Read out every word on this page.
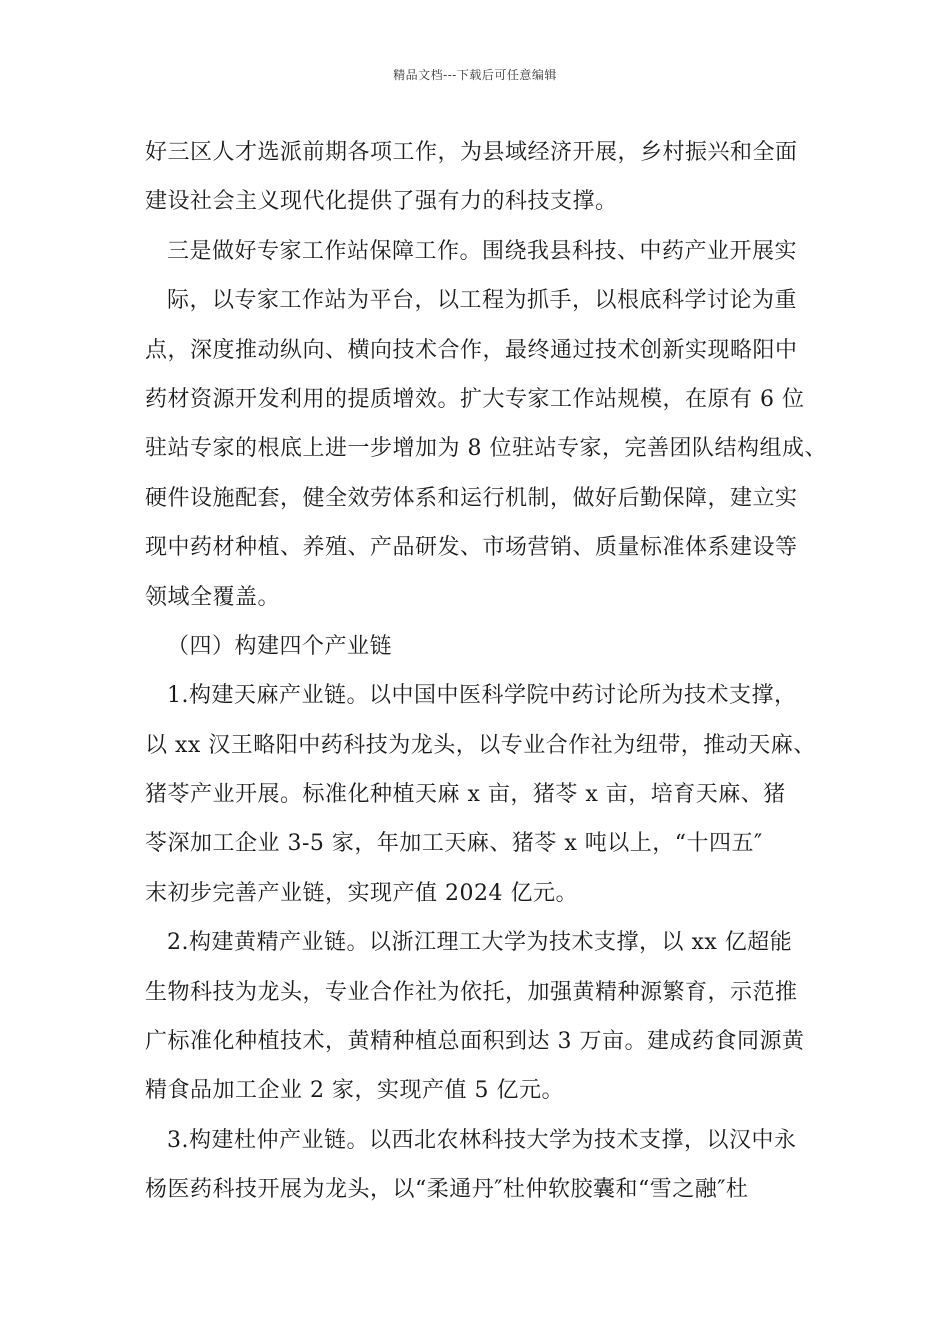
精品文档---下载后可任意编辑
好三区人才选派前期各项工作，为县域经济开展，乡村振兴和全面
建设社会主义现代化提供了强有力的科技支撑。
三是做好专家工作站保障工作。围绕我县科技、中药产业开展实
际，以专家工作站为平台，以工程为抓手，以根底科学讨论为重
点，深度推动纵向、横向技术合作，最终通过技术创新实现略阳中
药材资源开发利用的提质增效。扩大专家工作站规模，在原有 6 位
驻站专家的根底上进一步增加为 8 位驻站专家，完善团队结构组成、
硬件设施配套，健全效劳体系和运行机制，做好后勤保障，建立实
现中药材种植、养殖、产品研发、市场营销、质量标准体系建设等
领域全覆盖。
（四）构建四个产业链
1.构建天麻产业链。以中国中医科学院中药讨论所为技术支撑，
以 xx 汉王略阳中药科技为龙头，以专业合作社为纽带，推动天麻、
猪苓产业开展。标准化种植天麻 x 亩，猪苓 x 亩，培育天麻、猪
苓深加工企业 3-5 家，年加工天麻、猪苓 x 吨以上，“十四五″
末初步完善产业链，实现产值 2024 亿元。
2.构建黄精产业链。以浙江理工大学为技术支撑，以 xx 亿超能
生物科技为龙头，专业合作社为依托，加强黄精种源繁育，示范推
广标准化种植技术，黄精种植总面积到达 3 万亩。建成药食同源黄
精食品加工企业 2 家，实现产值 5 亿元。
3.构建杜仲产业链。以西北农林科技大学为技术支撑，以汉中永
杨医药科技开展为龙头，以“柔通丹″杜仲软胶囊和“雪之融″杜
